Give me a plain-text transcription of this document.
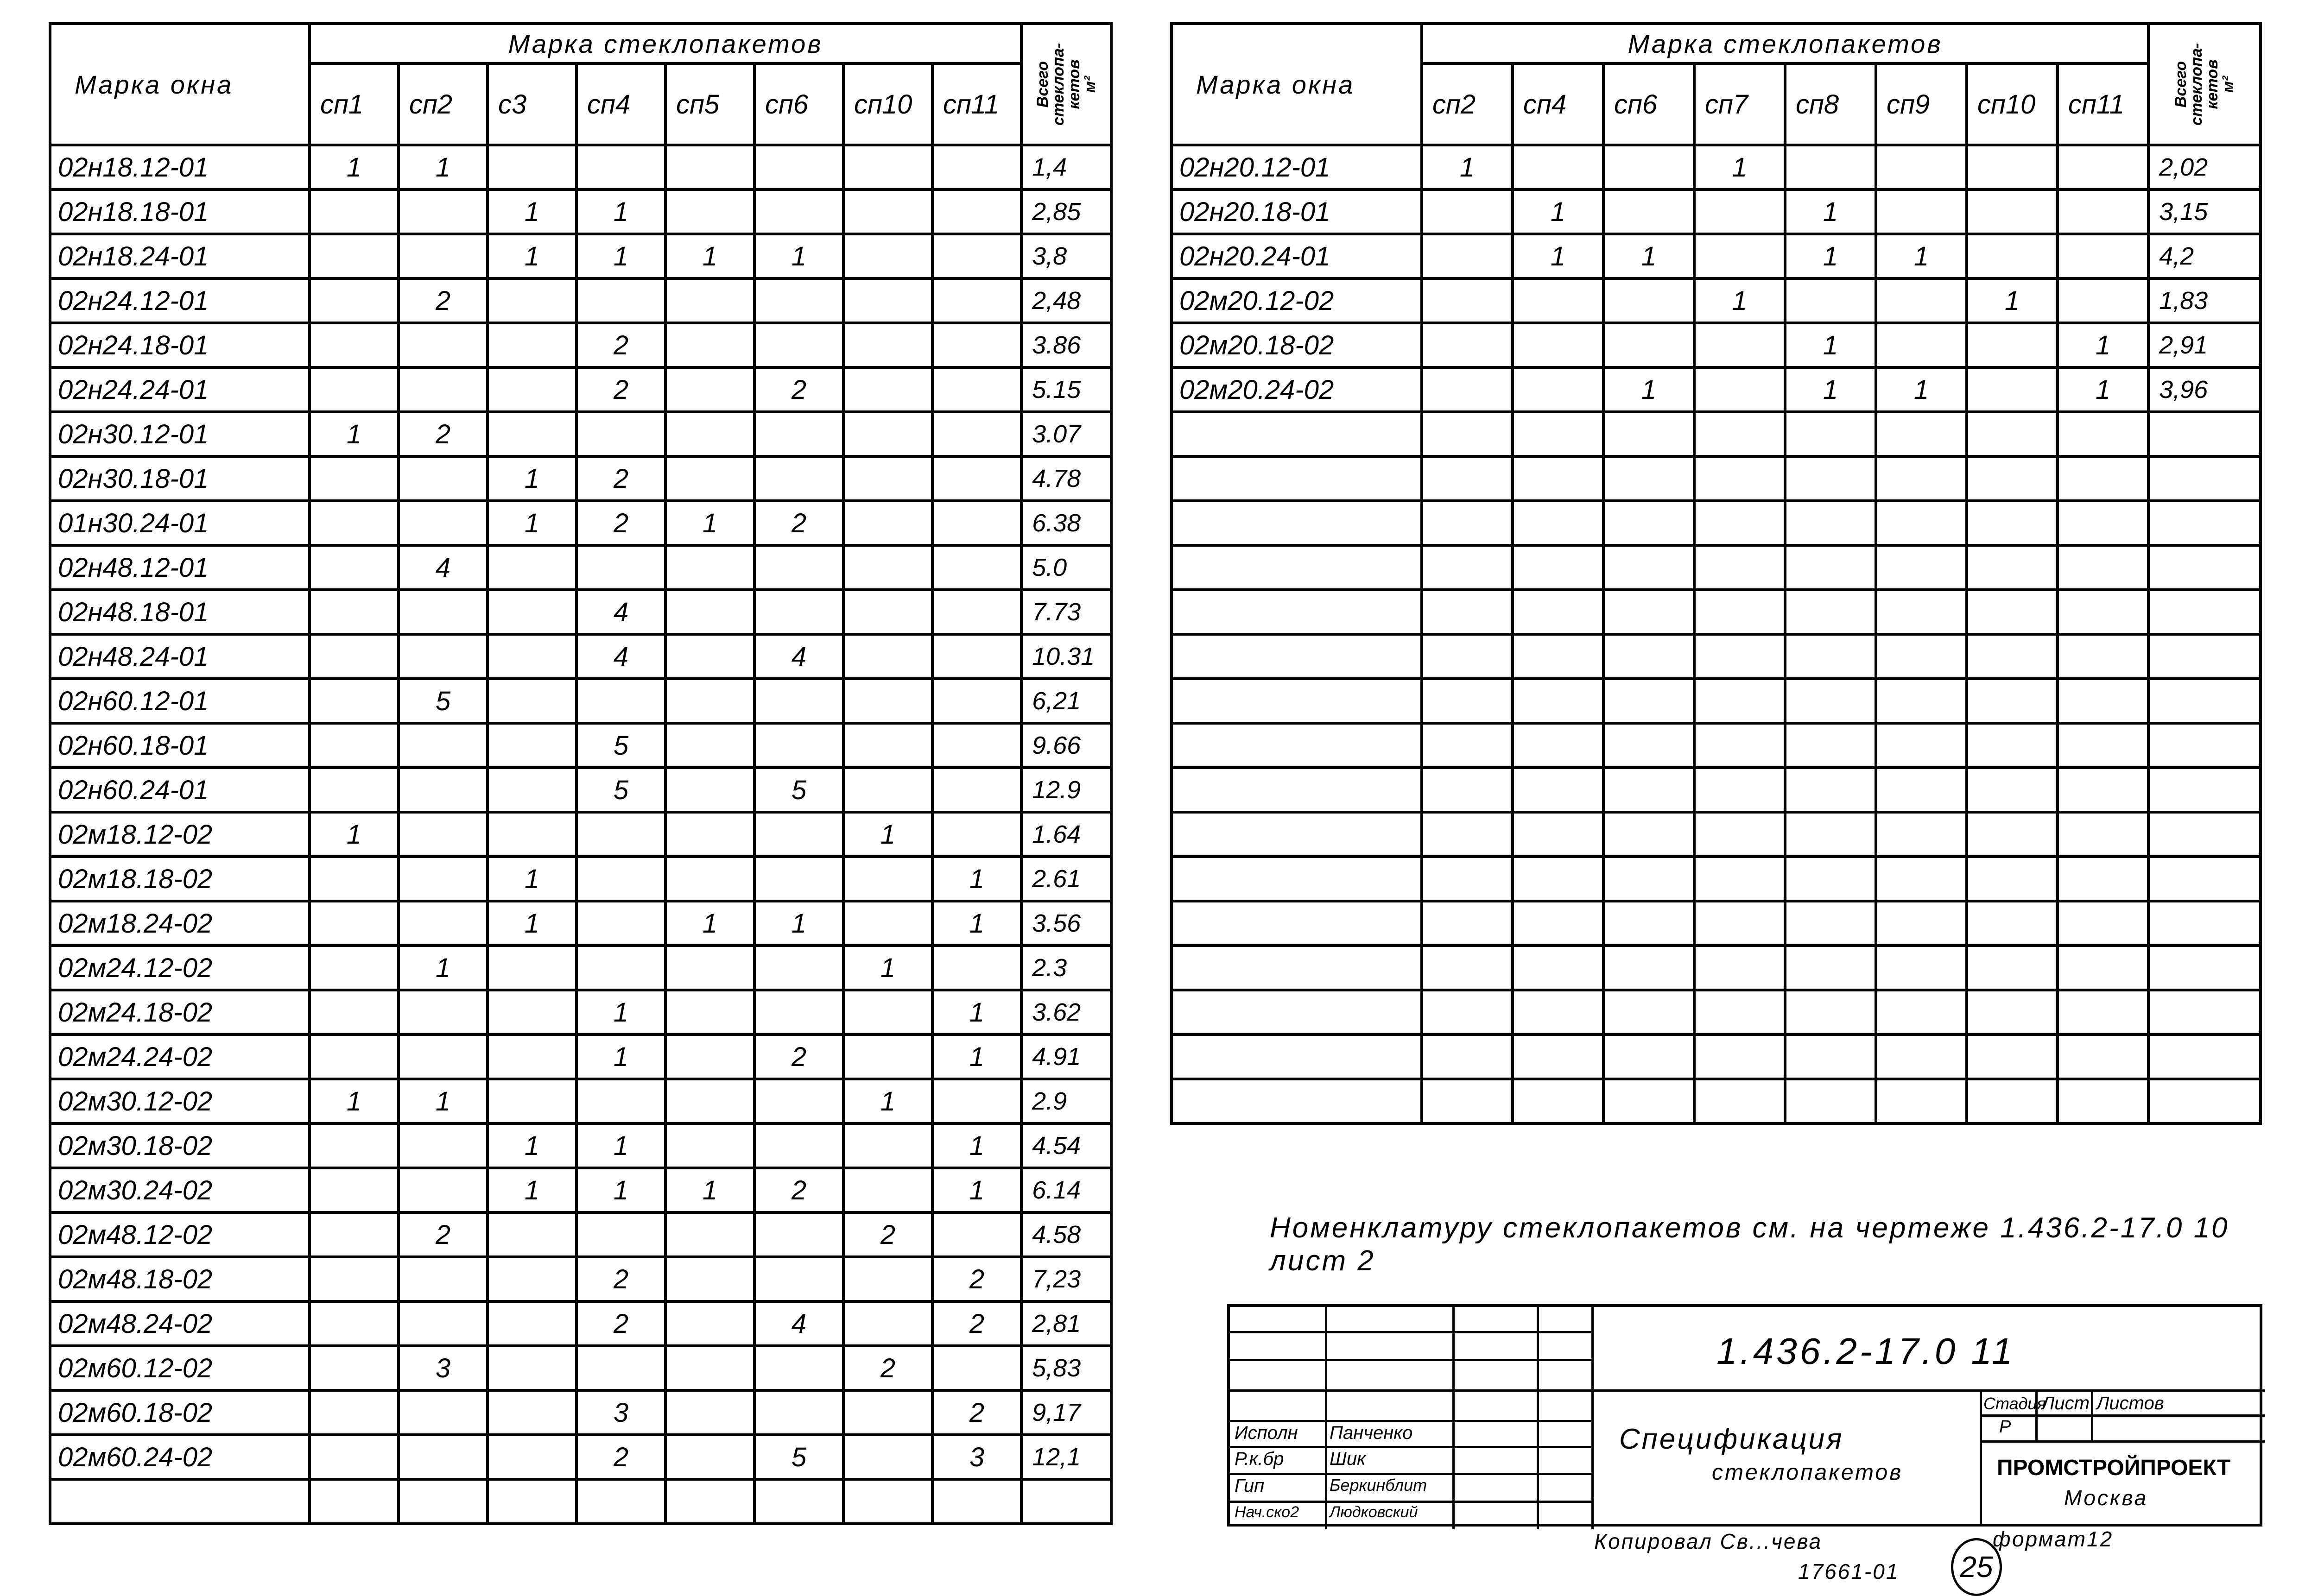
Марка окна	Марка стеклопакетов								Всего
стеклопа-
кетов
м²

	сп1	сп2	с3	сп4	сп5	сп6	сп10	сп11	
02н18.12-01	1	1							1,4
02н18.18-01			1	1					2,85
02н18.24-01			1	1	1	1			3,8
02н24.12-01		2							2,48
02н24.18-01				2					3.86
02н24.24-01				2		2			5.15
02н30.12-01	1	2							3.07
02н30.18-01			1	2					4.78
01н30.24-01			1	2	1	2			6.38
02н48.12-01		4							5.0
02н48.18-01				4					7.73
02н48.24-01				4		4			10.31
02н60.12-01		5							6,21
02н60.18-01				5					9.66
02н60.24-01				5		5			12.9
02м18.12-02	1						1		1.64
02м18.18-02			1					1	2.61
02м18.24-02			1		1	1		1	3.56
02м24.12-02		1					1		2.3
02м24.18-02				1				1	3.62
02м24.24-02				1		2		1	4.91
02м30.12-02	1	1					1		2.9
02м30.18-02			1	1				1	4.54
02м30.24-02			1	1	1	2		1	6.14
02м48.12-02		2					2		4.58
02м48.18-02				2				2	7,23
02м48.24-02				2		4		2	2,81
02м60.12-02		3					2		5,83
02м60.18-02				3				2	9,17
02м60.24-02				2		5		3	12,1

Марка окна	Марка стеклопакетов								Всего
стеклопа-
кетов
м²

	сп2	сп4	сп6	сп7	сп8	сп9	сп10	сп11	
02н20.12-01	1			1					2,02
02н20.18-01		1			1				3,15
02н20.24-01		1	1		1	1			4,2
02м20.12-02				1			1		1,83
02м20.18-02					1			1	2,91
02м20.24-02			1		1	1		1	3,96

Номенклатуру стеклопакетов см. на чертеже 1.436.2-17.0 10 лист 2
Исполн
Р.к.бр
Гип
Нач.ско2
Панченко
Шик
Беркинблит
Людковский
1.436.2-17.0 11
Спецификация
стеклопакетов
Стадия
Лист Листов
Р
ПРОМСТРОЙПРОЕКТ
Москва
Копировал Св...чева
17661-01	25
формат12
